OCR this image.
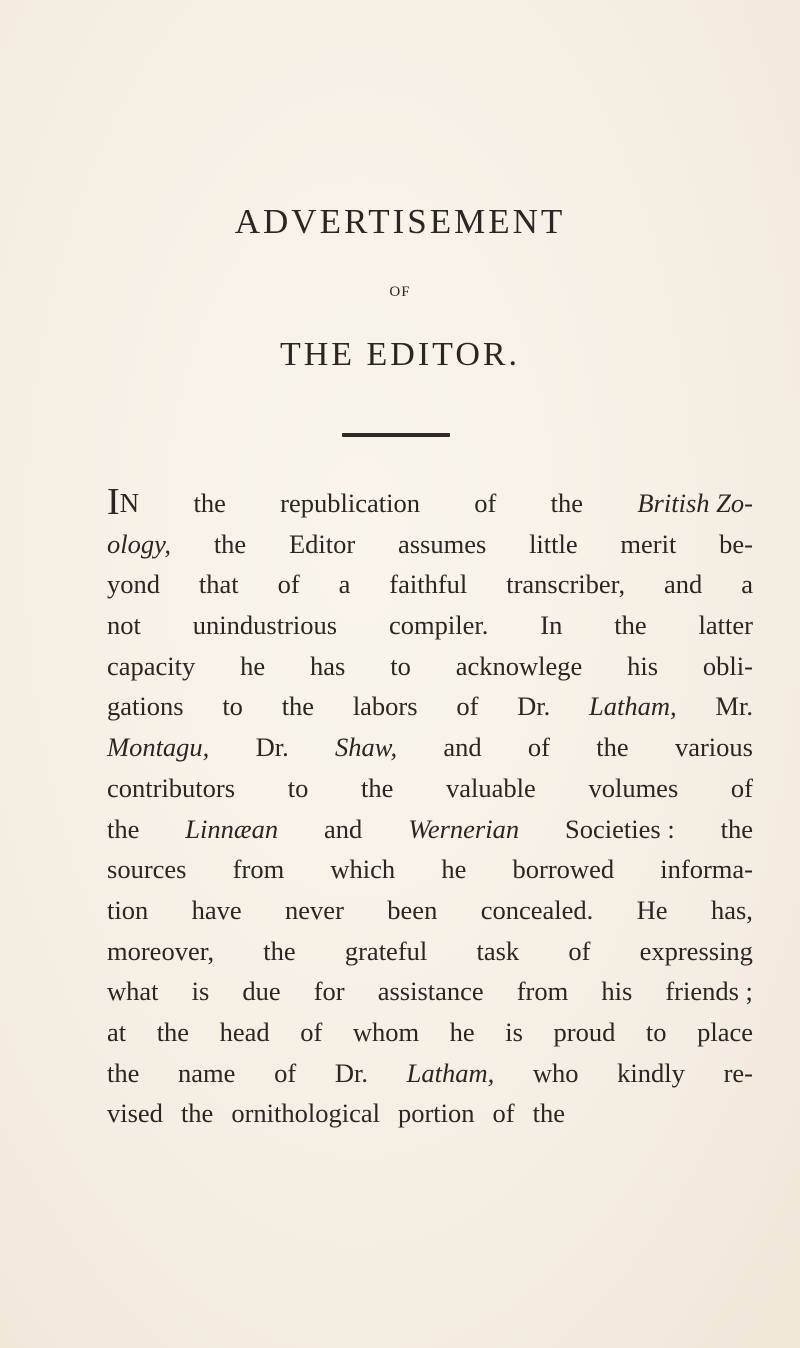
ADVERTISEMENT
OF
THE EDITOR.
IN the republication of the British Zo-
ology, the Editor assumes little merit be-
yond that of a faithful transcriber, and a
not unindustrious compiler. In the latter
capacity he has to acknowlege his obli-
gations to the labors of Dr. Latham, Mr.
Montagu, Dr. Shaw, and of the various
contributors to the valuable volumes of
the Linnæan and Wernerian Societies : the
sources from which he borrowed informa-
tion have never been concealed. He has,
moreover, the grateful task of expressing
what is due for assistance from his friends ;
at the head of whom he is proud to place
the name of Dr. Latham, who kindly re-
vised the ornithological portion of the
